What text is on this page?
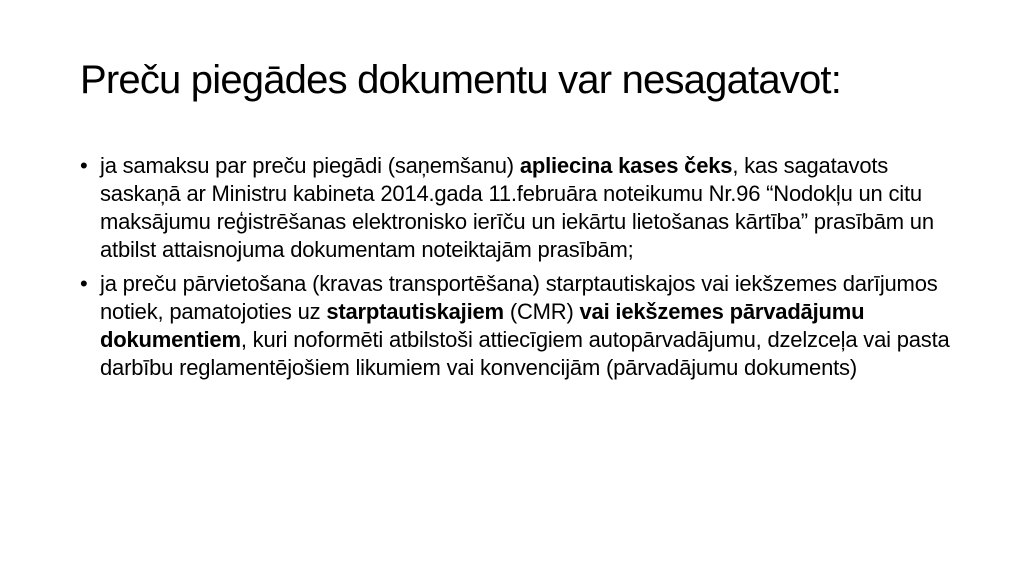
Preču piegādes dokumentu var nesagatavot:
• ja samaksu par preču piegādi (saņemšanu) apliecina kases čeks, kas sagatavots saskaņā ar Ministru kabineta 2014.gada 11.februāra noteikumu Nr.96 “Nodokļu un citu maksājumu reģistrēšanas elektronisko ierīču un iekārtu lietošanas kārtība” prasībām un atbilst attaisnojuma dokumentam noteiktajām prasībām;
• ja preču pārvietošana (kravas transportēšana) starptautiskajos vai iekšzemes darījumos notiek, pamatojoties uz starptautiskajiem (CMR) vai iekšzemes pārvadājumu dokumentiem, kuri noformēti atbilstoši attiecīgiem autopārvadājumu, dzelzceļa vai pasta darbību reglamentējošiem likumiem vai konvencijām (pārvadājumu dokuments)
